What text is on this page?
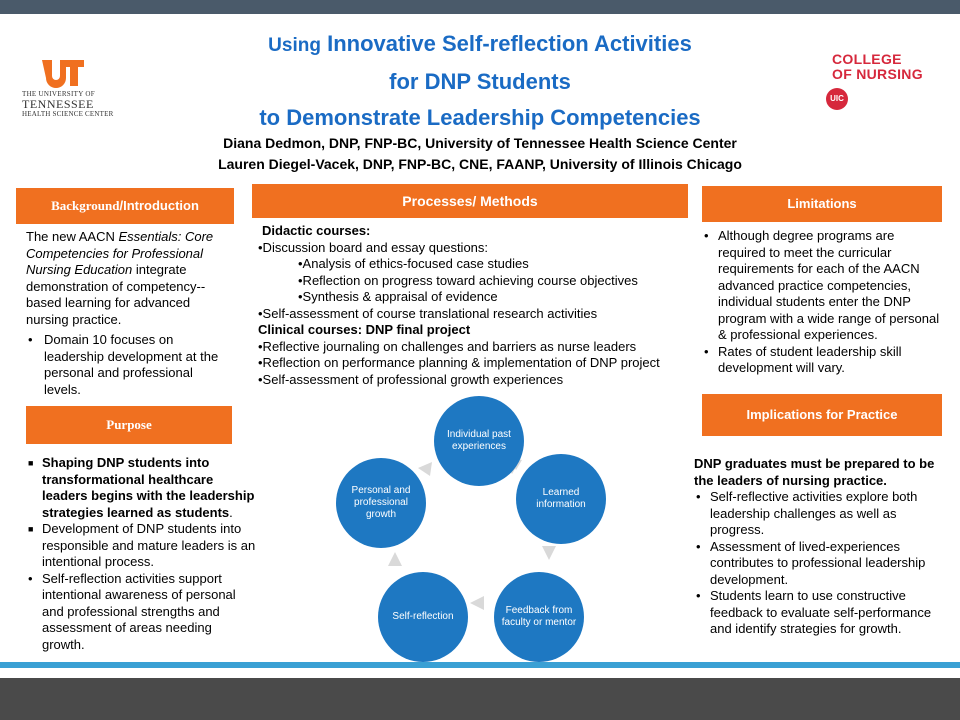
THE UNIVERSITY OF
TENNESSEE
HEALTH SCIENCE CENTER
Using Innovative Self-reflection Activities
for DNP Students
to Demonstrate Leadership Competencies
COLLEGE
OF NURSING
UIC
Diana Dedmon, DNP, FNP-BC, University of Tennessee Health Science Center
Lauren Diegel-Vacek, DNP, FNP-BC, CNE, FAANP, University of Illinois Chicago
Background/Introduction

The new AACN Essentials: Core Competencies for Professional Nursing Education integrate demonstration of competency--based learning for advanced nursing practice.

• Domain 10 focuses on leadership development at the personal and professional levels.
Purpose
■ Shaping DNP students into transformational healthcare leaders begins with the leadership strategies learned as students.
■ Development of DNP students into responsible and mature leaders is an intentional process.
• Self-reflection activities support intentional awareness of personal and professional strengths and assessment of areas needing growth.
Processes/ Methods
Didactic courses:
•Discussion board and essay questions:
•Analysis of ethics-focused case studies
•Reflection on progress toward achieving course objectives
•Synthesis & appraisal of evidence
•Self-assessment of course translational research activities
Clinical courses: DNP final project
•Reflective journaling on challenges and barriers as nurse leaders
•Reflection on performance planning & implementation of DNP project
•Self-assessment of professional growth experiences
Individual past experiences
Learned information
Feedback from faculty or mentor
Self-reflection
Personal and professional growth
Limitations
• Although degree programs are required to meet the curricular requirements for each of the AACN advanced practice competencies, individual students enter the DNP program with a wide range of personal & professional experiences.
• Rates of student leadership skill development will vary.
Implications for Practice
DNP graduates must be prepared to be the leaders of nursing practice.
• Self-reflective activities explore both leadership challenges as well as progress.
• Assessment of lived-experiences contributes to professional leadership development.
• Students learn to use constructive feedback to evaluate self-performance and identify strategies for growth.
